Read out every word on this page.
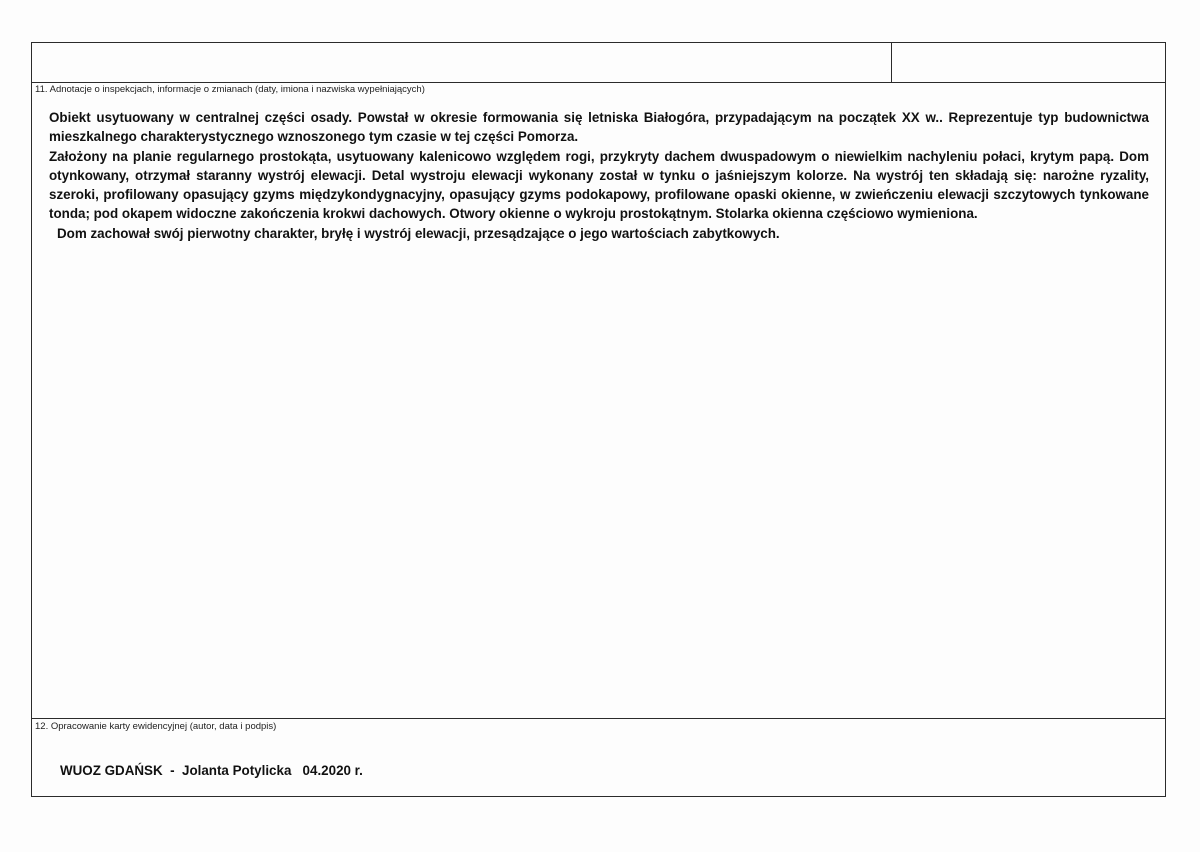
11. Adnotacje o inspekcjach, informacje o zmianach (daty, imiona i nazwiska wypełniających)

Obiekt usytuowany w centralnej części osady. Powstał w okresie formowania się letniska Białogóra, przypadającym na początek XX w.. Reprezentuje typ budownictwa mieszkalnego charakterystycznego wznoszonego tym czasie w tej części Pomorza.

Założony na planie regularnego prostokąta, usytuowany kalenicowo względem rogi, przykryty dachem dwuspadowym o niewielkim nachyleniu połaci, krytym papą. Dom otynkowany, otrzymał staranny wystrój elewacji. Detal wystroju elewacji wykonany został w tynku o jaśniejszym kolorze. Na wystrój ten składają się: narożne ryzality, szeroki, profilowany opasujący gzyms międzykondygnacyjny, opasujący gzyms podokapowy, profilowane opaski okienne, w zwieńczeniu elewacji szczytowych tynkowane tonda; pod okapem widoczne zakończenia krokwi dachowych. Otwory okienne o wykroju prostokątnym. Stolarka okienna częściowo wymieniona.

Dom zachował swój pierwotny charakter, bryłę i wystrój elewacji, przesądzające o jego wartościach zabytkowych.

12. Opracowanie karty ewidencyjnej (autor, data i podpis)
WUOZ GDAŃSK  -  Jolanta Potylicka   04.2020 r.
